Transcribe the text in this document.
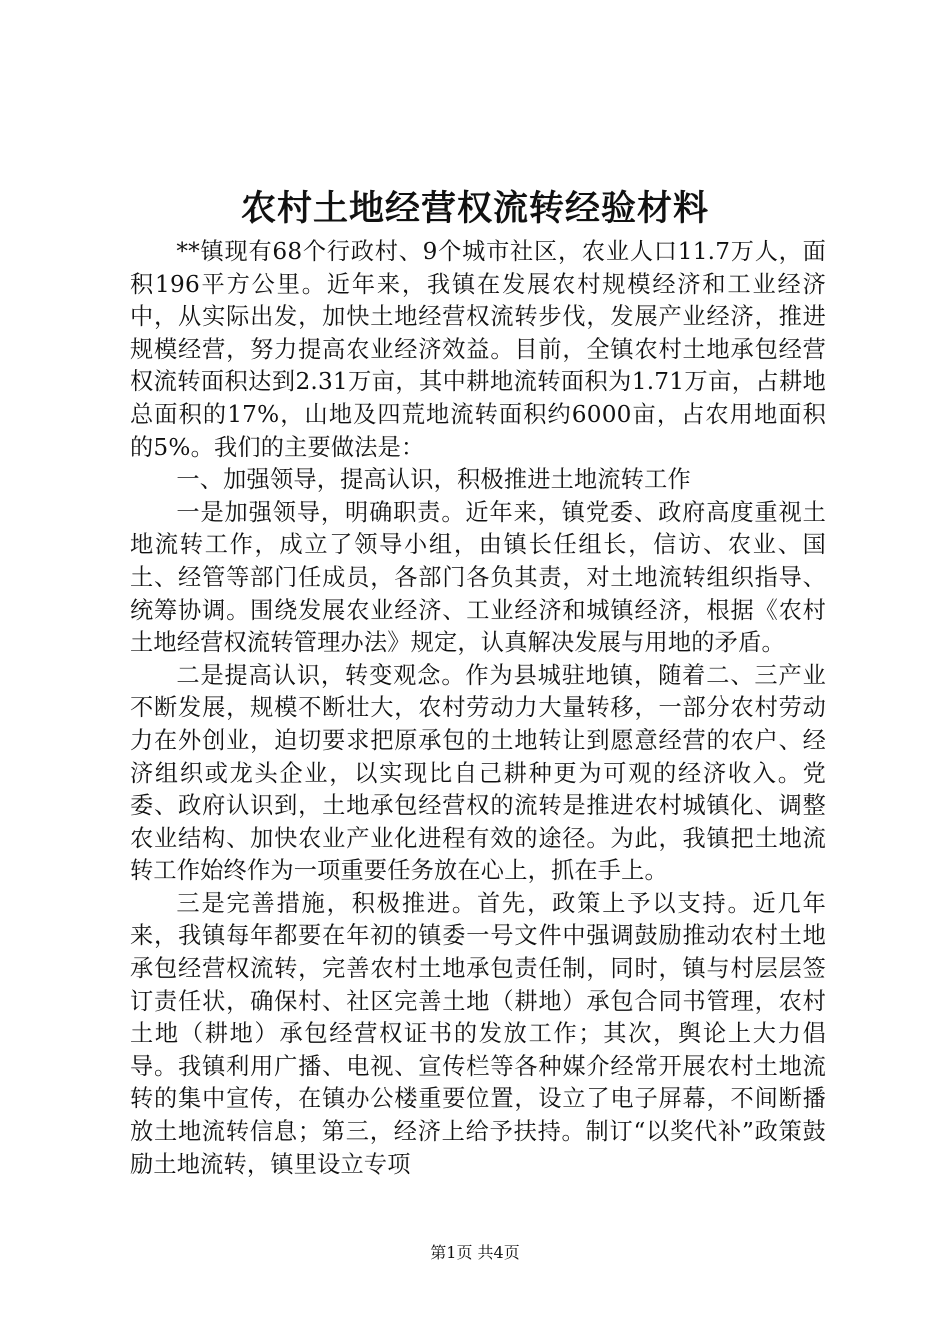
农村土地经营权流转经验材料

**镇现有68个行政村、9个城市社区，农业人口11.7万人，面积196平方公里。近年来，我镇在发展农村规模经济和工业经济中，从实际出发，加快土地经营权流转步伐，发展产业经济，推进规模经营，努力提高农业经济效益。目前，全镇农村土地承包经营权流转面积达到2.31万亩，其中耕地流转面积为1.71万亩，占耕地总面积的17%，山地及四荒地流转面积约6000亩，占农用地面积的5%。我们的主要做法是：

一、加强领导，提高认识，积极推进土地流转工作

一是加强领导，明确职责。近年来，镇党委、政府高度重视土地流转工作，成立了领导小组，由镇长任组长，信访、农业、国土、经管等部门任成员，各部门各负其责，对土地流转组织指导、统筹协调。围绕发展农业经济、工业经济和城镇经济，根据《农村土地经营权流转管理办法》规定，认真解决发展与用地的矛盾。

二是提高认识，转变观念。作为县城驻地镇，随着二、三产业不断发展，规模不断壮大，农村劳动力大量转移，一部分农村劳动力在外创业，迫切要求把原承包的土地转让到愿意经营的农户、经济组织或龙头企业，以实现比自己耕种更为可观的经济收入。党委、政府认识到，土地承包经营权的流转是推进农村城镇化、调整农业结构、加快农业产业化进程有效的途径。为此，我镇把土地流转工作始终作为一项重要任务放在心上，抓在手上。

三是完善措施，积极推进。首先，政策上予以支持。近几年来，我镇每年都要在年初的镇委一号文件中强调鼓励推动农村土地承包经营权流转，完善农村土地承包责任制，同时，镇与村层层签订责任状，确保村、社区完善土地（耕地）承包合同书管理，农村土地（耕地）承包经营权证书的发放工作；其次，舆论上大力倡导。我镇利用广播、电视、宣传栏等各种媒介经常开展农村土地流转的集中宣传，在镇办公楼重要位置，设立了电子屏幕，不间断播放土地流转信息；第三，经济上给予扶持。制订“以奖代补”政策鼓励土地流转，镇里设立专项

第1页 共4页
